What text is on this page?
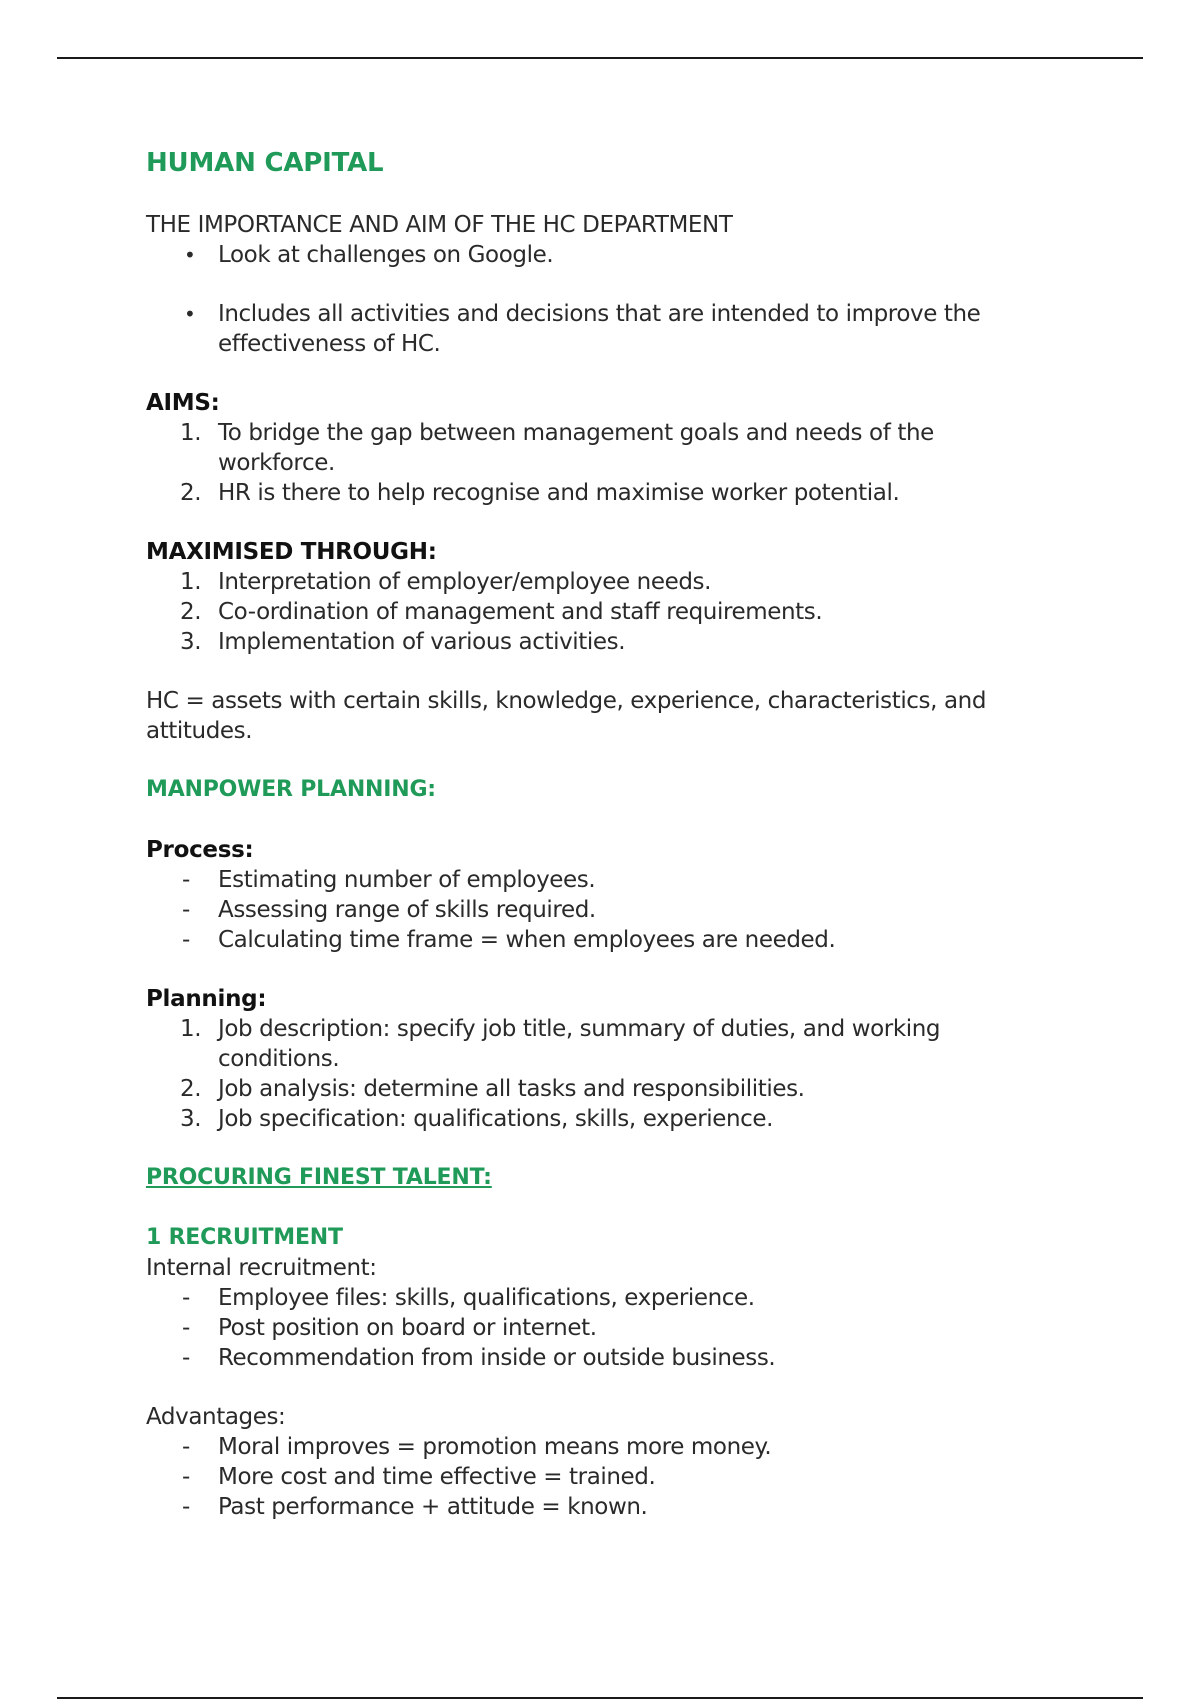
HUMAN CAPITAL
THE IMPORTANCE AND AIM OF THE HC DEPARTMENT
• Look at challenges on Google.
• Includes all activities and decisions that are intended to improve the effectiveness of HC.
AIMS:
1. To bridge the gap between management goals and needs of the workforce.
2. HR is there to help recognise and maximise worker potential.
MAXIMISED THROUGH:
1. Interpretation of employer/employee needs.
2. Co-ordination of management and staff requirements.
3. Implementation of various activities.
HC = assets with certain skills, knowledge, experience, characteristics, and attitudes.
MANPOWER PLANNING:
Process:
-	Estimating number of employees.
-	Assessing range of skills required.
-	Calculating time frame = when employees are needed.
Planning:
1. Job description: specify job title, summary of duties, and working conditions.
2. Job analysis: determine all tasks and responsibilities.
3. Job specification: qualifications, skills, experience.
PROCURING FINEST TALENT:
1 RECRUITMENT
Internal recruitment:
-	Employee files: skills, qualifications, experience.
-	Post position on board or internet.
-	Recommendation from inside or outside business.
Advantages:
-	Moral improves = promotion means more money.
-	More cost and time effective = trained.
-	Past performance + attitude = known.
